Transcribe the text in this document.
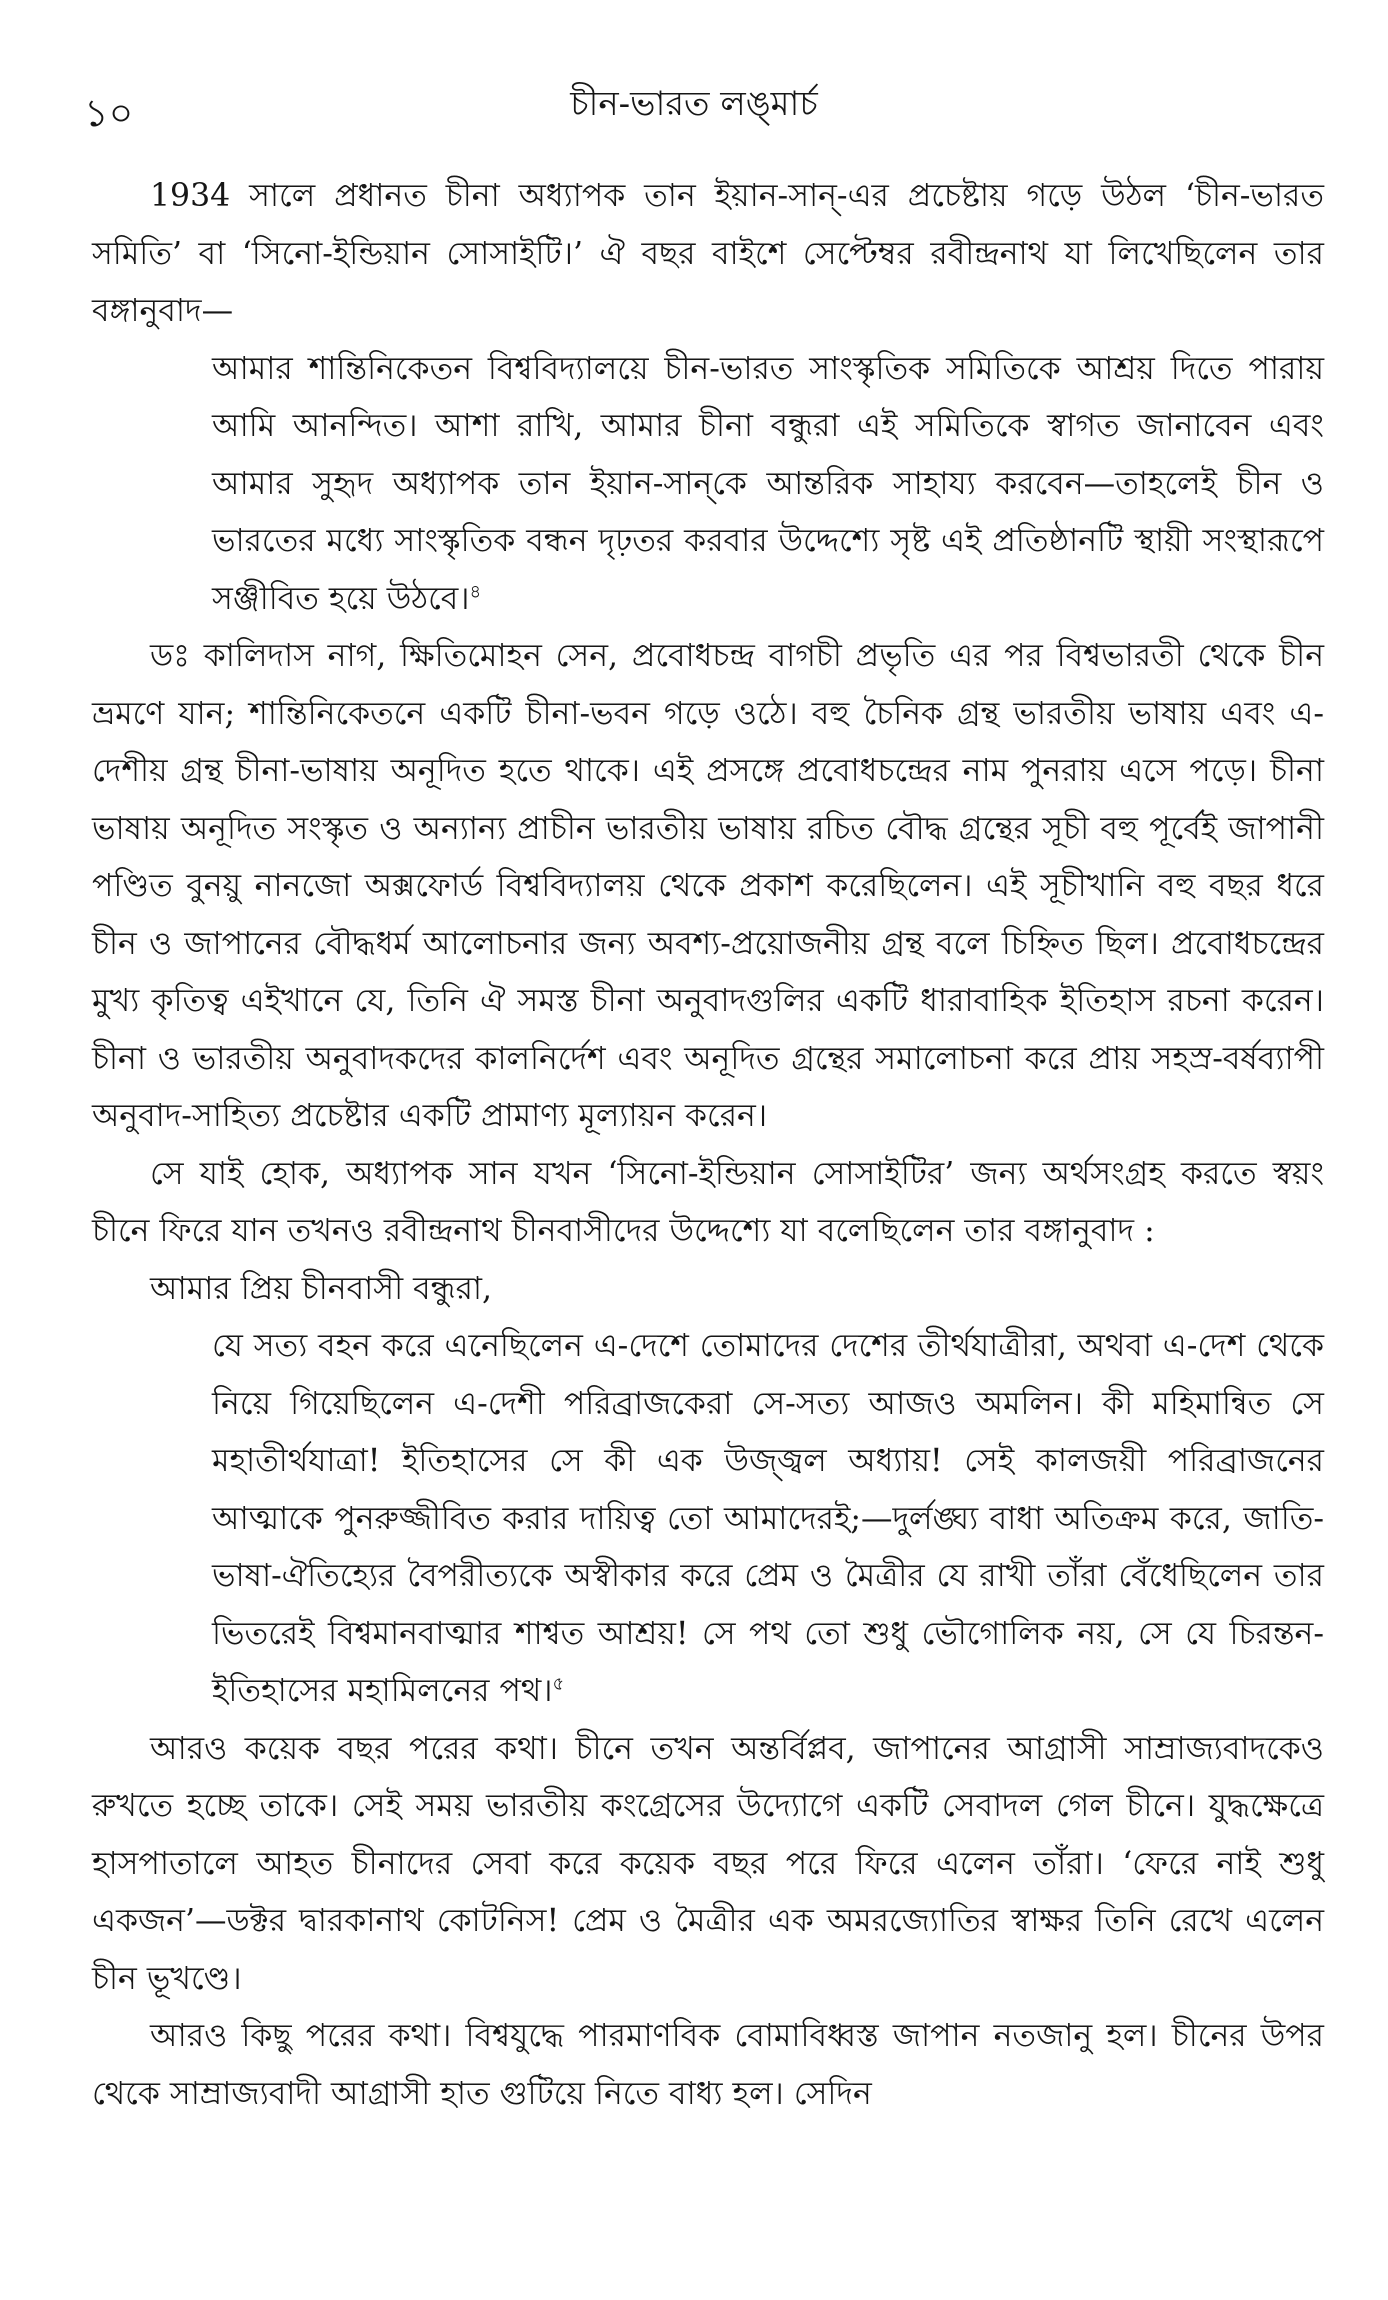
১০	চীন-ভারত লঙ্‌মার্চ

1934 সালে প্রধানত চীনা অধ্যাপক তান ইয়ান-সান্-এর প্রচেষ্টায় গড়ে উঠল ‘চীন-ভারত সমিতি’ বা ‘সিনো-ইন্ডিয়ান সোসাইটি।’ ঐ বছর বাইশে সেপ্টেম্বর রবীন্দ্রনাথ যা লিখেছিলেন তার বঙ্গানুবাদ—

আমার শান্তিনিকেতন বিশ্ববিদ্যালয়ে চীন-ভারত সাংস্কৃতিক সমিতিকে আশ্রয় দিতে পারায় আমি আনন্দিত। আশা রাখি, আমার চীনা বন্ধুরা এই সমিতিকে স্বাগত জানাবেন এবং আমার সুহৃদ অধ্যাপক তান ইয়ান-সান্‌কে আন্তরিক সাহায্য করবেন—তাহলেই চীন ও ভারতের মধ্যে সাংস্কৃতিক বন্ধন দৃঢ়তর করবার উদ্দেশ্যে সৃষ্ট এই প্রতিষ্ঠানটি স্থায়ী সংস্থারূপে সঞ্জীবিত হয়ে উঠবে।$^৪$

ডঃ কালিদাস নাগ, ক্ষিতিমোহন সেন, প্রবোধচন্দ্র বাগচী প্রভৃতি এর পর বিশ্বভারতী থেকে চীন ভ্রমণে যান; শান্তিনিকেতনে একটি চীনা-ভবন গড়ে ওঠে। বহু চৈনিক গ্রন্থ ভারতীয় ভাষায় এবং এ-দেশীয় গ্রন্থ চীনা-ভাষায় অনূদিত হতে থাকে। এই প্রসঙ্গে প্রবোধচন্দ্রের নাম পুনরায় এসে পড়ে। চীনা ভাষায় অনূদিত সংস্কৃত ও অন্যান্য প্রাচীন ভারতীয় ভাষায় রচিত বৌদ্ধ গ্রন্থের সূচী বহু পূর্বেই জাপানী পণ্ডিত বুনয়ু নানজো অক্সফোর্ড বিশ্ববিদ্যালয় থেকে প্রকাশ করেছিলেন। এই সূচীখানি বহু বছর ধরে চীন ও জাপানের বৌদ্ধধর্ম আলোচনার জন্য অবশ্য-প্রয়োজনীয় গ্রন্থ বলে চিহ্নিত ছিল। প্রবোধচন্দ্রের মুখ্য কৃতিত্ব এইখানে যে, তিনি ঐ সমস্ত চীনা অনুবাদগুলির একটি ধারাবাহিক ইতিহাস রচনা করেন। চীনা ও ভারতীয় অনুবাদকদের কালনির্দেশ এবং অনূদিত গ্রন্থের সমালোচনা করে প্রায় সহস্র-বর্ষব্যাপী অনুবাদ-সাহিত্য প্রচেষ্টার একটি প্রামাণ্য মূল্যায়ন করেন।

সে যাই হোক, অধ্যাপক সান যখন ‘সিনো-ইন্ডিয়ান সোসাইটির’ জন্য অর্থসংগ্রহ করতে স্বয়ং চীনে ফিরে যান তখনও রবীন্দ্রনাথ চীনবাসীদের উদ্দেশ্যে যা বলেছিলেন তার বঙ্গানুবাদ :

আমার প্রিয় চীনবাসী বন্ধুরা,

যে সত্য বহন করে এনেছিলেন এ-দেশে তোমাদের দেশের তীর্থযাত্রীরা, অথবা এ-দেশ থেকে নিয়ে গিয়েছিলেন এ-দেশী পরিব্রাজকেরা সে-সত্য আজও অমলিন। কী মহিমান্বিত সে মহাতীর্থযাত্রা! ইতিহাসের সে কী এক উজ্জ্বল অধ্যায়! সেই কালজয়ী পরিব্রাজনের আত্মাকে পুনরুজ্জীবিত করার দায়িত্ব তো আমাদেরই;—দুর্লঙ্ঘ্য বাধা অতিক্রম করে, জাতি-ভাষা-ঐতিহ্যের বৈপরীত্যকে অস্বীকার করে প্রেম ও মৈত্রীর যে রাখী তাঁরা বেঁধেছিলেন তার ভিতরেই বিশ্বমানবাত্মার শাশ্বত আশ্রয়! সে পথ তো শুধু ভৌগোলিক নয়, সে যে চিরন্তন-ইতিহাসের মহামিলনের পথ।$^৫$

আরও কয়েক বছর পরের কথা। চীনে তখন অন্তর্বিপ্লব, জাপানের আগ্রাসী সাম্রাজ্যবাদকেও রুখতে হচ্ছে তাকে। সেই সময় ভারতীয় কংগ্রেসের উদ্যোগে একটি সেবাদল গেল চীনে। যুদ্ধক্ষেত্রে হাসপাতালে আহত চীনাদের সেবা করে কয়েক বছর পরে ফিরে এলেন তাঁরা। ‘ফেরে নাই শুধু একজন’—ডক্টর দ্বারকানাথ কোটনিস! প্রেম ও মৈত্রীর এক অমরজ্যোতির স্বাক্ষর তিনি রেখে এলেন চীন ভূখণ্ডে।

আরও কিছু পরের কথা। বিশ্বযুদ্ধে পারমাণবিক বোমাবিধ্বস্ত জাপান নতজানু হল। চীনের উপর থেকে সাম্রাজ্যবাদী আগ্রাসী হাত গুটিয়ে নিতে বাধ্য হল। সেদিন
